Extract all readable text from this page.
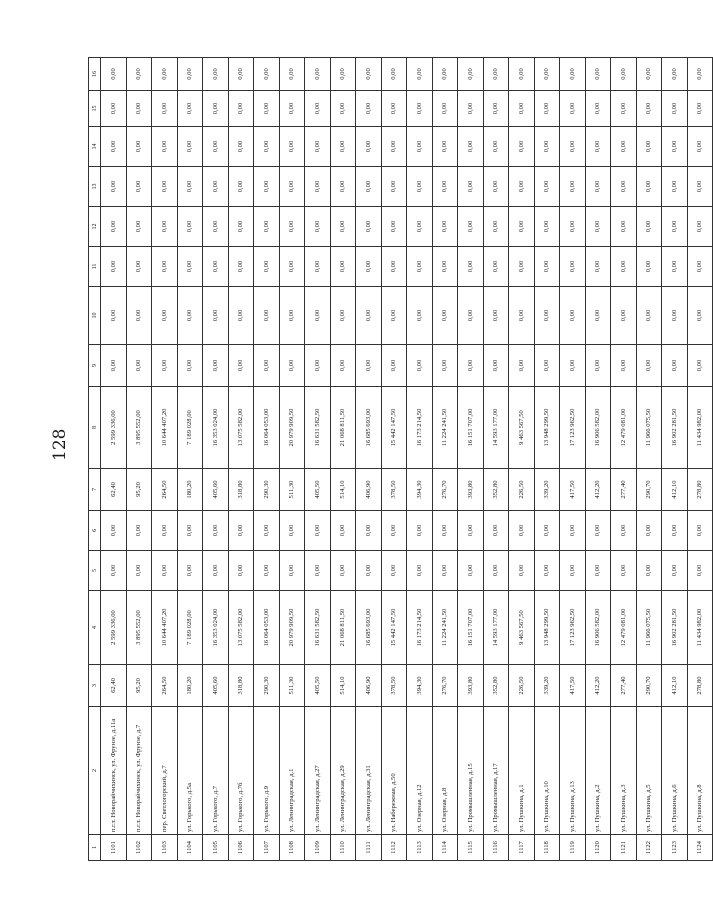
128
1	2	3	4	5	6	7	8	9	10	11	12	13	14	15	16
1101	п.г.т. Новорайчихинск, ул. Фрунзе, д.11а	62,40	2 599 336,00	0,00	0,00	62,40	2 599 336,00	0,00	0,00	0,00	0,00	0,00	0,00	0,00	0,00
1102	п.г.т. Новорайчихинск, ул. Фрунзе, д.7	95,20	3 895 552,00	0,00	0,00	95,20	3 895 552,00	0,00	0,00	0,00	0,00	0,00	0,00	0,00	0,00
1103	пер. Светлогорский, д.7	264,50	10 644 407,20	0,00	0,00	264,50	10 644 407,20	0,00	0,00	0,00	0,00	0,00	0,00	0,00	0,00
1104	ул. Горького, д.5а	180,20	7 189 028,00	0,00	0,00	180,20	7 189 028,00	0,00	0,00	0,00	0,00	0,00	0,00	0,00	0,00
1105	ул. Горького, д.7	405,60	16 353 024,00	0,00	0,00	405,60	16 353 024,00	0,00	0,00	0,00	0,00	0,00	0,00	0,00	0,00
1106	ул. Горького, д.7б	318,80	13 075 582,00	0,00	0,00	318,80	13 075 582,00	0,00	0,00	0,00	0,00	0,00	0,00	0,00	0,00
1107	ул. Горького, д.9	290,30	16 064 053,00	0,00	0,00	290,30	16 064 053,00	0,00	0,00	0,00	0,00	0,00	0,00	0,00	0,00
1108	ул. Ленинградская, д.1	511,30	20 979 909,50	0,00	0,00	511,30	20 979 909,50	0,00	0,00	0,00	0,00	0,00	0,00	0,00	0,00
1109	ул. Ленинградская, д.27	405,50	16 631 582,50	0,00	0,00	405,50	16 631 582,50	0,00	0,00	0,00	0,00	0,00	0,00	0,00	0,00
1110	ул. Ленинградская, д.29	514,10	21 068 811,50	0,00	0,00	514,10	21 068 811,50	0,00	0,00	0,00	0,00	0,00	0,00	0,00	0,00
1111	ул. Ленинградская, д.31	406,90	16 685 693,00	0,00	0,00	406,90	16 685 693,00	0,00	0,00	0,00	0,00	0,00	0,00	0,00	0,00
1112	ул. Набережная, д.50	378,50	15 442 147,50	0,00	0,00	378,50	15 442 147,50	0,00	0,00	0,00	0,00	0,00	0,00	0,00	0,00
1113	ул. Озерная, д.12	394,30	16 173 214,50	0,00	0,00	394,30	16 173 214,50	0,00	0,00	0,00	0,00	0,00	0,00	0,00	0,00
1114	ул. Озерная, д.8	276,70	11 224 241,50	0,00	0,00	276,70	11 224 241,50	0,00	0,00	0,00	0,00	0,00	0,00	0,00	0,00
1115	ул. Промышленная, д.15	393,80	16 151 707,00	0,00	0,00	393,80	16 151 707,00	0,00	0,00	0,00	0,00	0,00	0,00	0,00	0,00
1116	ул. Промышленная, д.17	352,80	14 593 177,00	0,00	0,00	352,80	14 593 177,00	0,00	0,00	0,00	0,00	0,00	0,00	0,00	0,00
1117	ул. Пушкина, д.1	226,50	9 463 567,50	0,00	0,00	226,50	9 463 567,50	0,00	0,00	0,00	0,00	0,00	0,00	0,00	0,00
1118	ул. Пушкина, д.10	339,20	13 948 299,50	0,00	0,00	339,20	13 948 299,50	0,00	0,00	0,00	0,00	0,00	0,00	0,00	0,00
1119	ул. Пушкина, д.13	417,50	17 123 962,50	0,00	0,00	417,50	17 123 962,50	0,00	0,00	0,00	0,00	0,00	0,00	0,00	0,00
1120	ул. Пушкина, д.2	412,20	16 906 582,00	0,00	0,00	412,20	16 906 582,00	0,00	0,00	0,00	0,00	0,00	0,00	0,00	0,00
1121	ул. Пушкина, д.3	277,40	12 479 081,00	0,00	0,00	277,40	12 479 081,00	0,00	0,00	0,00	0,00	0,00	0,00	0,00	0,00
1122	ул. Пушкина, д.5	290,70	11 966 075,50	0,00	0,00	290,70	11 966 075,50	0,00	0,00	0,00	0,00	0,00	0,00	0,00	0,00
1123	ул. Пушкина, д.6	412,10	16 902 281,50	0,00	0,00	412,10	16 902 281,50	0,00	0,00	0,00	0,00	0,00	0,00	0,00	0,00
1124	ул. Пушкина, д.8	278,80	11 434 982,00	0,00	0,00	278,80	11 434 982,00	0,00	0,00	0,00	0,00	0,00	0,00	0,00	0,00
